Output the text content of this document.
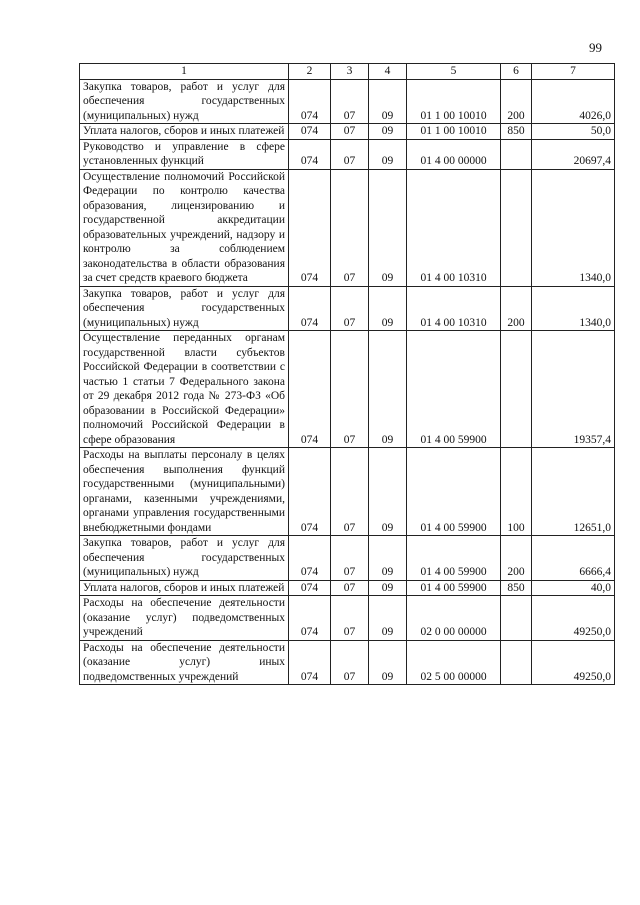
99
1	2	3	4	5	6	7
Закупка товаров, работ и услуг для обеспечения государственных (муниципальных) нужд	074	07	09	01 1 00 10010	200	4026,0
Уплата налогов, сборов и иных платежей	074	07	09	01 1 00 10010	850	50,0
Руководство и управление в сфере установленных функций	074	07	09	01 4 00 00000		20697,4
Осуществление полномочий Российской Федерации по контролю качества образования, лицензированию и государственной аккредитации образовательных учреждений, надзору и контролю за соблюдением законодательства в области образования за счет средств краевого бюджета	074	07	09	01 4 00 10310		1340,0
Закупка товаров, работ и услуг для обеспечения государственных (муниципальных) нужд	074	07	09	01 4 00 10310	200	1340,0
Осуществление переданных органам государственной власти субъектов Российской Федерации в соответствии с частью 1 статьи 7 Федерального закона от 29 декабря 2012 года № 273-ФЗ «Об образовании в Российской Федерации» полномочий Российской Федерации в сфере образования	074	07	09	01 4 00 59900		19357,4
Расходы на выплаты персоналу в целях обеспечения выполнения функций государственными (муниципальными) органами, казенными учреждениями, органами управления государственными внебюджетными фондами	074	07	09	01 4 00 59900	100	12651,0
Закупка товаров, работ и услуг для обеспечения государственных (муниципальных) нужд	074	07	09	01 4 00 59900	200	6666,4
Уплата налогов, сборов и иных платежей	074	07	09	01 4 00 59900	850	40,0
Расходы на обеспечение деятельности (оказание услуг) подведомственных учреждений	074	07	09	02 0 00 00000		49250,0
Расходы на обеспечение деятельности (оказание услуг) иных подведомственных учреждений	074	07	09	02 5 00 00000		49250,0
